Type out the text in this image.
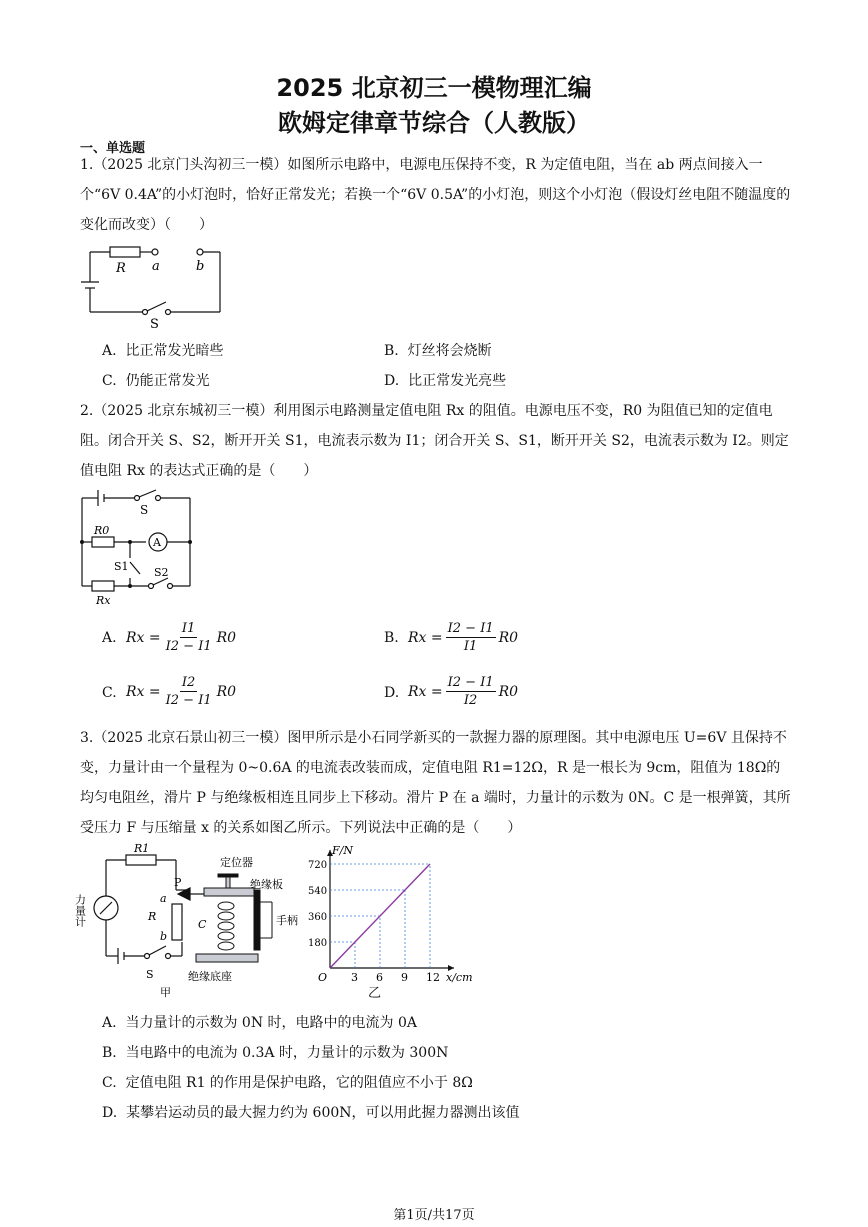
2025 北京初三一模物理汇编
欧姆定律章节综合（人教版）
一、单选题
1.（2025 北京门头沟初三一模）如图所示电路中，电源电压保持不变，R 为定值电阻，当在 ab 两点间接入一个“6V 0.4A”的小灯泡时，恰好正常发光；若换一个“6V 0.5A”的小灯泡，则这个小灯泡（假设灯丝电阻不随温度的变化而改变）（　　）
R a	b
S
A. 比正常发光暗些	B. 灯丝将会烧断
C. 仍能正常发光	D. 比正常发光亮些
2.（2025 北京东城初三一模）利用图示电路测量定值电阻 Rx 的阻值。电源电压不变，R0 为阻值已知的定值电阻。闭合开关 S、S2，断开开关 S1，电流表示数为 I1；闭合开关 S、S1，断开开关 S2，电流表示数为 I2。则定值电阻 Rx 的表达式正确的是（　　）
A
S
R0
S1 S2
Rx
A. $Rx = \frac{I1}{I2 - I1} R0$	B. $Rx = \frac{I2 - I1}{I1} R0$
C. $Rx = \frac{I2}{I2 - I1} R0$	D. $Rx = \frac{I2 - I1}{I2} R0$
3.（2025 北京石景山初三一模）图甲所示是小石同学新买的一款握力器的原理图。其中电源电压 U=6V 且保持不变，力量计由一个量程为 0~0.6A 的电流表改装而成，定值电阻 R1=12Ω，R 是一根长为 9cm，阻值为 18Ω的均匀电阻丝，滑片 P 与绝缘板相连且同步上下移动。滑片 P 在 a 端时，力量计的示数为 0N。C 是一根弹簧，其所受压力 F 与压缩量 x 的关系如图乙所示。下列说法中正确的是（　　）
R1
力量计
P
a
R
b
S
C
定位器
绝缘板
手柄
绝缘底座
甲
3 6 9 12
180
360
540
720
O	x/cm
F/N
乙
A. 当力量计的示数为 0N 时，电路中的电流为 0A
B. 当电路中的电流为 0.3A 时，力量计的示数为 300N
C. 定值电阻 R1 的作用是保护电路，它的阻值应不小于 8Ω
D. 某攀岩运动员的最大握力约为 600N，可以用此握力器测出该值
第1页/共17页
